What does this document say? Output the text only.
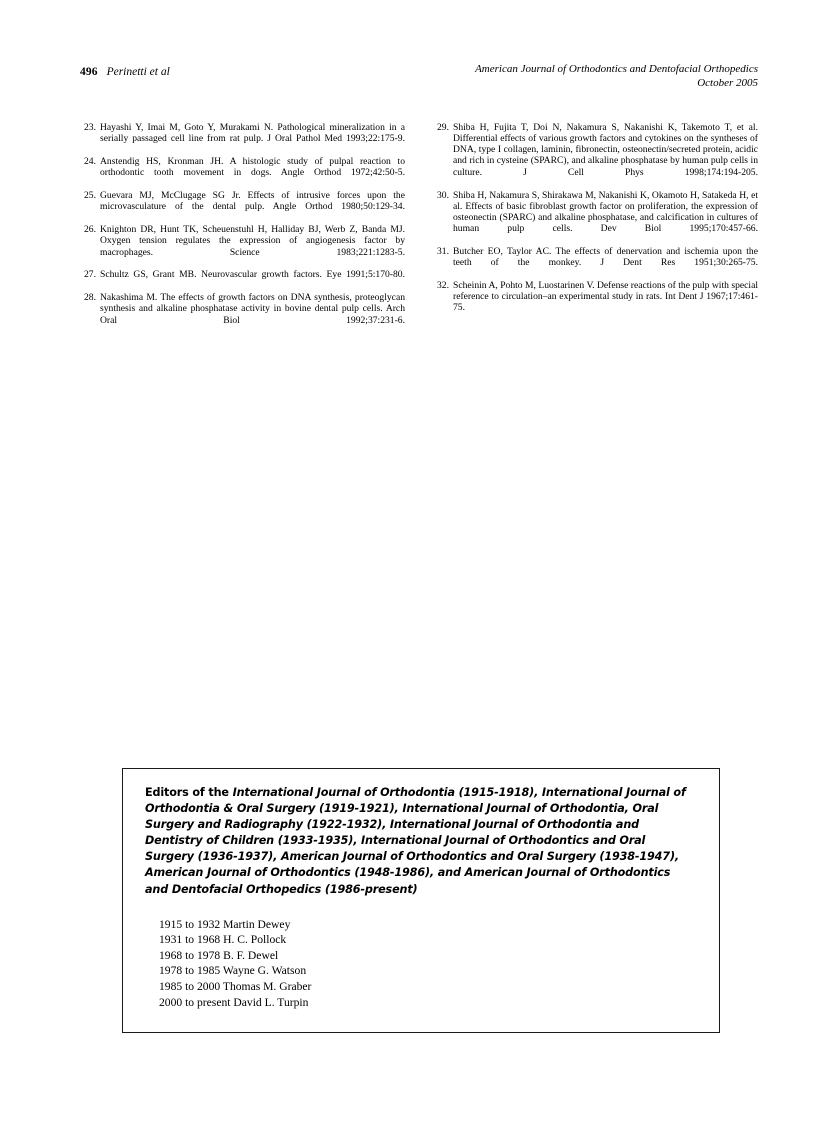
496 Perinetti et al	American Journal of Orthodontics and Dentofacial Orthopedics
October 2005
23. Hayashi Y, Imai M, Goto Y, Murakami N. Pathological mineralization in a serially passaged cell line from rat pulp. J Oral Pathol Med 1993;22:175-9.
24. Anstendig HS, Kronman JH. A histologic study of pulpal reaction to orthodontic tooth movement in dogs. Angle Orthod 1972;42:50-5.
25. Guevara MJ, McClugage SG Jr. Effects of intrusive forces upon the microvasculature of the dental pulp. Angle Orthod 1980;50:129-34.
26. Knighton DR, Hunt TK, Scheuenstuhl H, Halliday BJ, Werb Z, Banda MJ. Oxygen tension regulates the expression of angiogenesis factor by macrophages. Science 1983;221:1283-5.
27. Schultz GS, Grant MB. Neurovascular growth factors. Eye 1991;5:170-80.
28. Nakashima M. The effects of growth factors on DNA synthesis, proteoglycan synthesis and alkaline phosphatase activity in bovine dental pulp cells. Arch Oral Biol 1992;37:231-6.
29. Shiba H, Fujita T, Doi N, Nakamura S, Nakanishi K, Takemoto T, et al. Differential effects of various growth factors and cytokines on the syntheses of DNA, type I collagen, laminin, fibronectin, osteonectin/secreted protein, acidic and rich in cysteine (SPARC), and alkaline phosphatase by human pulp cells in culture. J Cell Phys 1998;174:194-205.
30. Shiba H, Nakamura S, Shirakawa M, Nakanishi K, Okamoto H, Satakeda H, et al. Effects of basic fibroblast growth factor on proliferation, the expression of osteonectin (SPARC) and alkaline phosphatase, and calcification in cultures of human pulp cells. Dev Biol 1995;170:457-66.
31. Butcher EO, Taylor AC. The effects of denervation and ischemia upon the teeth of the monkey. J Dent Res 1951;30:265-75.
32. Scheinin A, Pohto M, Luostarinen V. Defense reactions of the pulp with special reference to circulation–an experimental study in rats. Int Dent J 1967;17:461-75.

Editors of the International Journal of Orthodontia (1915-1918), International Journal of Orthodontia & Oral Surgery (1919-1921), International Journal of Orthodontia, Oral Surgery and Radiography (1922-1932), International Journal of Orthodontia and Dentistry of Children (1933-1935), International Journal of Orthodontics and Oral Surgery (1936-1937), American Journal of Orthodontics and Oral Surgery (1938-1947), American Journal of Orthodontics (1948-1986), and American Journal of Orthodontics and Dentofacial Orthopedics (1986-present)

1915 to 1932 Martin Dewey
1931 to 1968 H. C. Pollock
1968 to 1978 B. F. Dewel
1978 to 1985 Wayne G. Watson
1985 to 2000 Thomas M. Graber
2000 to present David L. Turpin
